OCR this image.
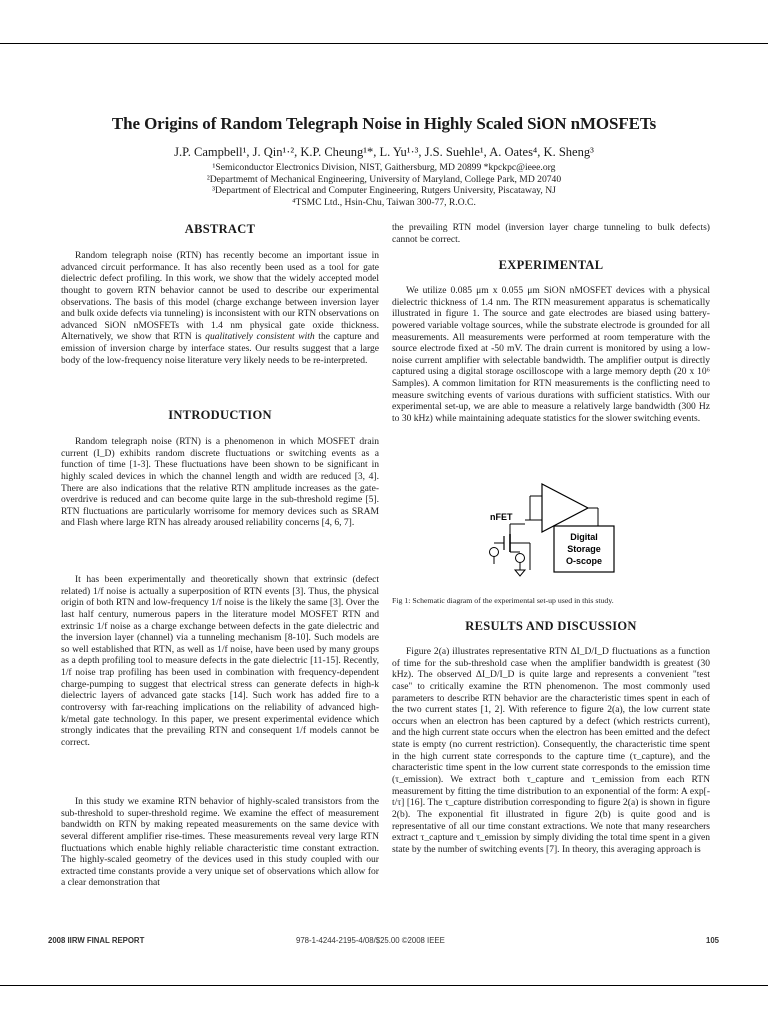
The Origins of Random Telegraph Noise in Highly Scaled SiON nMOSFETs
J.P. Campbell¹, J. Qin¹·², K.P. Cheung¹*, L. Yu¹·³, J.S. Suehle¹, A. Oates⁴, K. Sheng³
¹Semiconductor Electronics Division, NIST, Gaithersburg, MD 20899 *kpckpc@ieee.org
²Departmemt of Mechanical Engineering, University of Maryland, College Park, MD 20740
³Department of Electrical and Computer Engineering, Rutgers University, Piscataway, NJ
⁴TSMC Ltd., Hsin-Chu, Taiwan 300-77, R.O.C.
ABSTRACT

Random telegraph noise (RTN) has recently become an important issue in advanced circuit performance. It has also recently been used as a tool for gate dielectric defect profiling. In this work, we show that the widely accepted model thought to govern RTN behavior cannot be used to describe our experimental observations. The basis of this model (charge exchange between inversion layer and bulk oxide defects via tunneling) is inconsistent with our RTN observations on advanced SiON nMOSFETs with 1.4 nm physical gate oxide thickness. Alternatively, we show that RTN is qualitatively consistent with the capture and emission of inversion charge by interface states. Our results suggest that a large body of the low-frequency noise literature very likely needs to be re-interpreted.

INTRODUCTION

Random telegraph noise (RTN) is a phenomenon in which MOSFET drain current (I_D) exhibits random discrete fluctuations or switching events as a function of time [1-3]. These fluctuations have been shown to be significant in highly scaled devices in which the channel length and width are reduced [3, 4]. There are also indications that the relative RTN amplitude increases as the gate-overdrive is reduced and can become quite large in the sub-threshold regime [5]. RTN fluctuations are particularly worrisome for memory devices such as SRAM and Flash where large RTN has already aroused reliability concerns [4, 6, 7].

It has been experimentally and theoretically shown that extrinsic (defect related) 1/f noise is actually a superposition of RTN events [3]. Thus, the physical origin of both RTN and low-frequency 1/f noise is the likely the same [3]. Over the last half century, numerous papers in the literature model MOSFET RTN and extrinsic 1/f noise as a charge exchange between defects in the gate dielectric and the inversion layer (channel) via a tunneling mechanism [8-10]. Such models are so well established that RTN, as well as 1/f noise, have been used by many groups as a depth profiling tool to measure defects in the gate dielectric [11-15]. Recently, 1/f noise trap profiling has been used in combination with frequency-dependent charge-pumping to suggest that electrical stress can generate defects in high-k dielectric layers of advanced gate stacks [14]. Such work has added fire to a controversy with far-reaching implications on the reliability of advanced high-k/metal gate technology. In this paper, we present experimental evidence which strongly indicates that the prevailing RTN and consequent 1/f models cannot be correct.

In this study we examine RTN behavior of highly-scaled transistors from the sub-threshold to super-threshold regime. We examine the effect of measurement bandwidth on RTN by making repeated measurements on the same device with several different amplifier rise-times. These measurements reveal very large RTN fluctuations which enable highly reliable characteristic time constant extraction. The highly-scaled geometry of the devices used in this study coupled with our extracted time constants provide a very unique set of observations which allow for a clear demonstration that

the prevailing RTN model (inversion layer charge tunneling to bulk defects) cannot be correct.

EXPERIMENTAL

We utilize 0.085 μm x 0.055 μm SiON nMOSFET devices with a physical dielectric thickness of 1.4 nm. The RTN measurement apparatus is schematically illustrated in figure 1. The source and gate electrodes are biased using battery-powered variable voltage sources, while the substrate electrode is grounded for all measurements. All measurements were performed at room temperature with the source electrode fixed at -50 mV. The drain current is monitored by using a low-noise current amplifier with selectable bandwidth. The amplifier output is directly captured using a digital storage oscilloscope with a large memory depth (20 x 10⁶ Samples). A common limitation for RTN measurements is the conflicting need to measure switching events of various durations with sufficient statistics. With our experimental set-up, we are able to measure a relatively large bandwidth (300 Hz to 30 kHz) while maintaining adequate statistics for the slower switching events.

Digital
Storage
O-scope
nFET
Fig 1: Schematic diagram of the experimental set-up used in this study.
RESULTS AND DISCUSSION

Figure 2(a) illustrates representative RTN ΔI_D/I_D fluctuations as a function of time for the sub-threshold case when the amplifier bandwidth is greatest (30 kHz). The observed ΔI_D/I_D is quite large and represents a convenient "test case" to critically examine the RTN phenomenon. The most commonly used parameters to describe RTN behavior are the characteristic times spent in each of the two current states [1, 2]. With reference to figure 2(a), the low current state occurs when an electron has been captured by a defect (which restricts current), and the high current state occurs when the electron has been emitted and the defect state is empty (no current restriction). Consequently, the characteristic time spent in the high current state corresponds to the capture time (τ_capture), and the characteristic time spent in the low current state corresponds to the emission time (τ_emission). We extract both τ_capture and τ_emission from each RTN measurement by fitting the time distribution to an exponential of the form: A exp[-t/τ] [16]. The τ_capture distribution corresponding to figure 2(a) is shown in figure 2(b). The exponential fit illustrated in figure 2(b) is quite good and is representative of all our time constant extractions. We note that many researchers extract τ_capture and τ_emission by simply dividing the total time spent in a given state by the number of switching events [7]. In theory, this averaging approach is

2008 IIRW FINAL REPORT	978-1-4244-2195-4/08/$25.00 ©2008 IEEE	105
